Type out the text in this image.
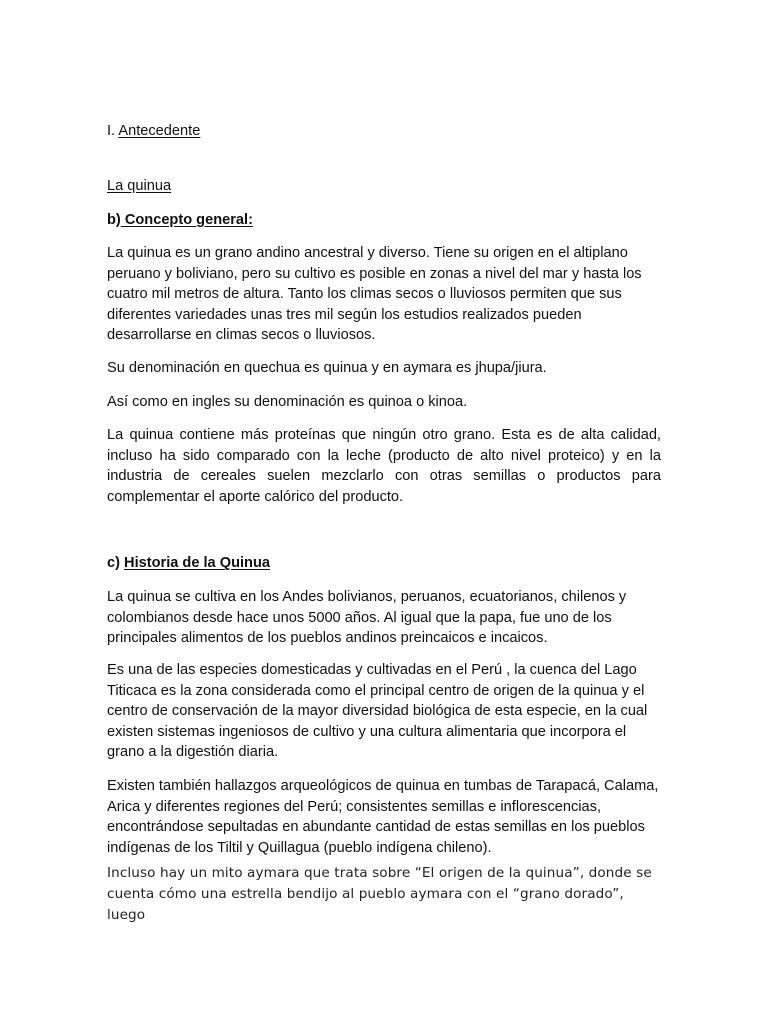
I. Antecedente

La quinua

b) Concepto general:

La quinua es un grano andino ancestral y diverso. Tiene su origen en el altiplano peruano y boliviano, pero su cultivo es posible en zonas a nivel del mar y hasta los cuatro mil metros de altura. Tanto los climas secos o lluviosos permiten que sus diferentes variedades unas tres mil según los estudios realizados pueden desarrollarse en climas secos o lluviosos.

Su denominación en quechua es quinua y en aymara es jhupa/jiura.

Así como en ingles su denominación es quinoa o kinoa.

La quinua contiene más proteínas que ningún otro grano. Esta es de alta calidad, incluso ha sido comparado con la leche (producto de alto nivel proteico) y en la industria de cereales suelen mezclarlo con otras semillas o productos para complementar el aporte calórico del producto.

c) Historia de la Quinua

La quinua se cultiva en los Andes bolivianos, peruanos, ecuatorianos, chilenos y colombianos desde hace unos 5000 años. Al igual que la papa, fue uno de los principales alimentos de los pueblos andinos preincaicos e incaicos.

Es una de las especies domesticadas y cultivadas en el Perú , la cuenca del Lago Titicaca es la zona considerada como el principal centro de origen de la quinua y el centro de conservación de la mayor diversidad biológica de esta especie, en la cual existen sistemas ingeniosos de cultivo y una cultura alimentaria que incorpora el grano a la digestión diaria.

Existen también hallazgos arqueológicos de quinua en tumbas de Tarapacá, Calama, Arica y diferentes regiones del Perú; consistentes semillas e inflorescencias, encontrándose sepultadas en abundante cantidad de estas semillas en los pueblos indígenas de los Tiltil y Quillagua (pueblo indígena chileno).

Incluso hay un mito aymara que trata sobre “El origen de la quinua”, donde se cuenta cómo una estrella bendijo al pueblo aymara con el “grano dorado”, luego
